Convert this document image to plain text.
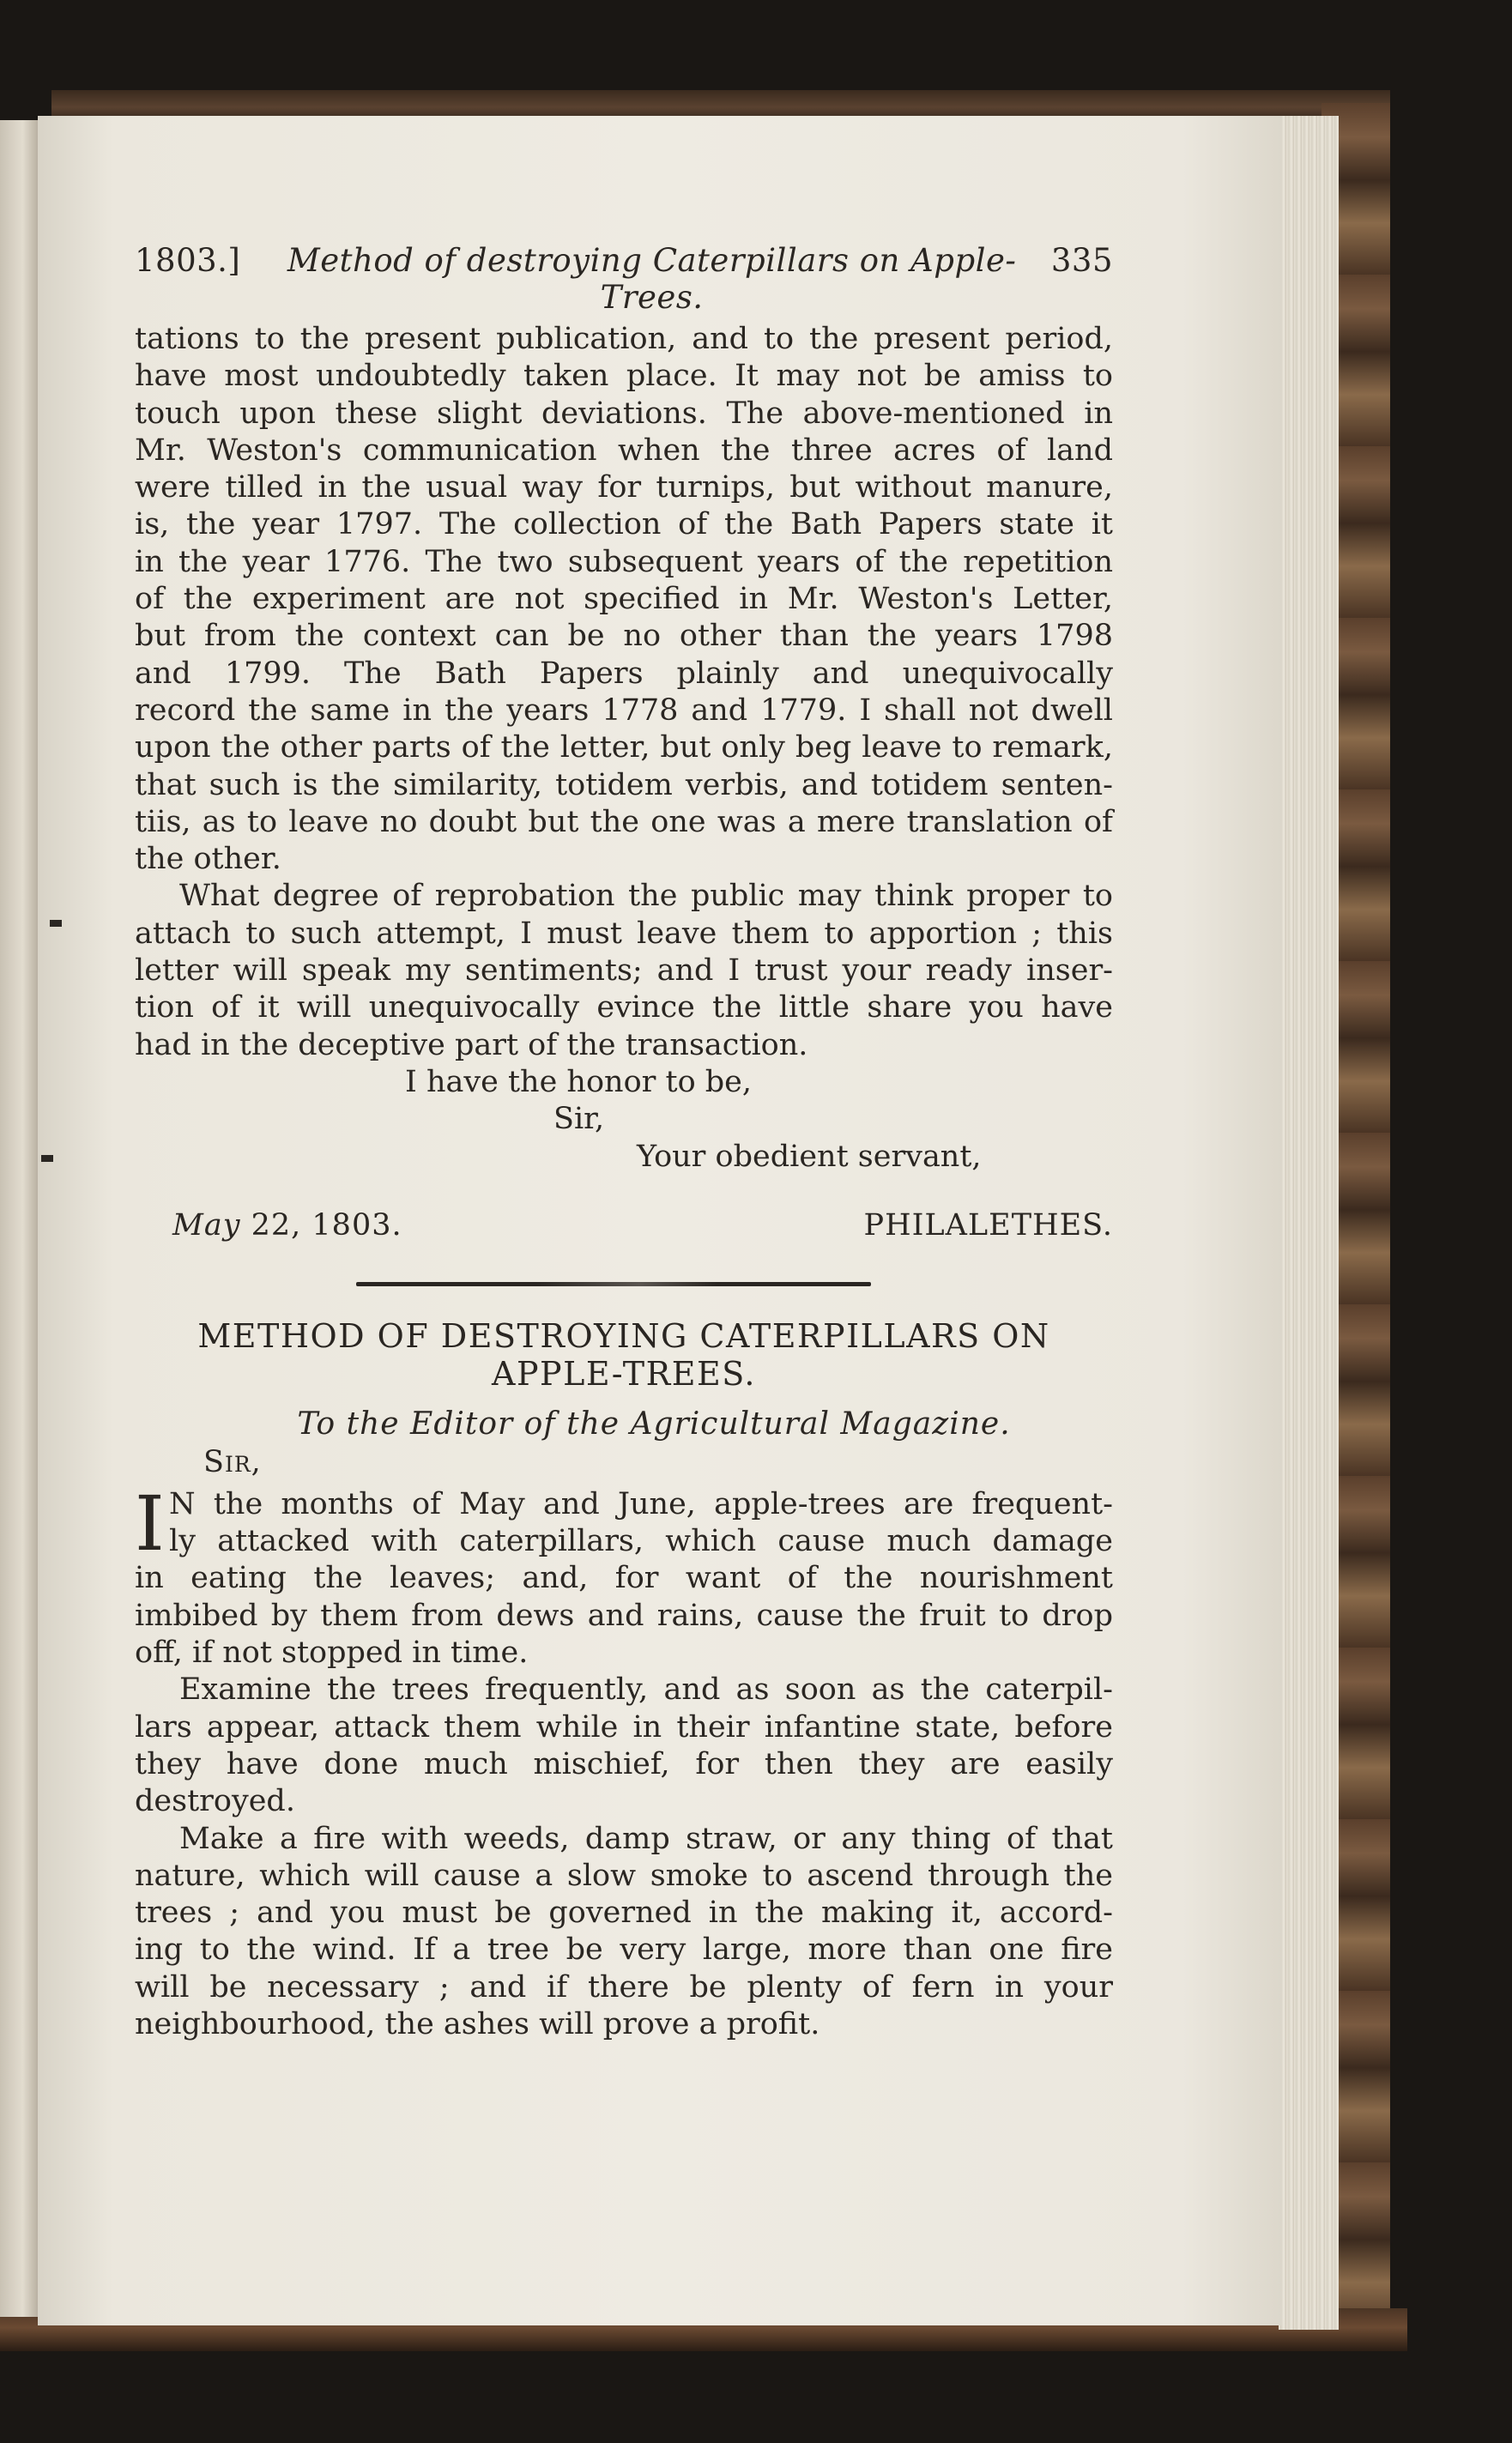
1803.]	Method of destroying Caterpillars on Apple-Trees.
335
tations to the present publication, and to the present period,
have most undoubtedly taken place. It may not be amiss to
touch upon these slight deviations. The above-mentioned in
Mr. Weston's communication when the three acres of land
were tilled in the usual way for turnips, but without manure,
is, the year 1797. The collection of the Bath Papers state it
in the year 1776. The two subsequent years of the repetition
of the experiment are not specified in Mr. Weston's Letter,
but from the context can be no other than the years 1798
and 1799. The Bath Papers plainly and unequivocally
record the same in the years 1778 and 1779. I shall not dwell
upon the other parts of the letter, but only beg leave to remark,
that such is the similarity, totidem verbis, and totidem senten-
tiis, as to leave no doubt but the one was a mere translation of
the other.
What degree of reprobation the public may think proper to
attach to such attempt, I must leave them to apportion ; this
letter will speak my sentiments; and I trust your ready inser-
tion of it will unequivocally evince the little share you have
had in the deceptive part of the transaction.
I have the honor to be,
Sir,
Your obedient servant,
May 22, 1803.	PHILALETHES.
METHOD OF DESTROYING CATERPILLARS ON
APPLE-TREES.
To the Editor of the Agricultural Magazine.
Sir,
I N the months of May and June, apple-trees are frequent-
ly attacked with caterpillars, which cause much damage
in eating the leaves; and, for want of the nourishment
imbibed by them from dews and rains, cause the fruit to drop
off, if not stopped in time.
Examine the trees frequently, and as soon as the caterpil-
lars appear, attack them while in their infantine state, before
they have done much mischief, for then they are easily
destroyed.
Make a fire with weeds, damp straw, or any thing of that
nature, which will cause a slow smoke to ascend through the
trees ; and you must be governed in the making it, accord-
ing to the wind. If a tree be very large, more than one fire
will be necessary ; and if there be plenty of fern in your
neighbourhood, the ashes will prove a profit.
